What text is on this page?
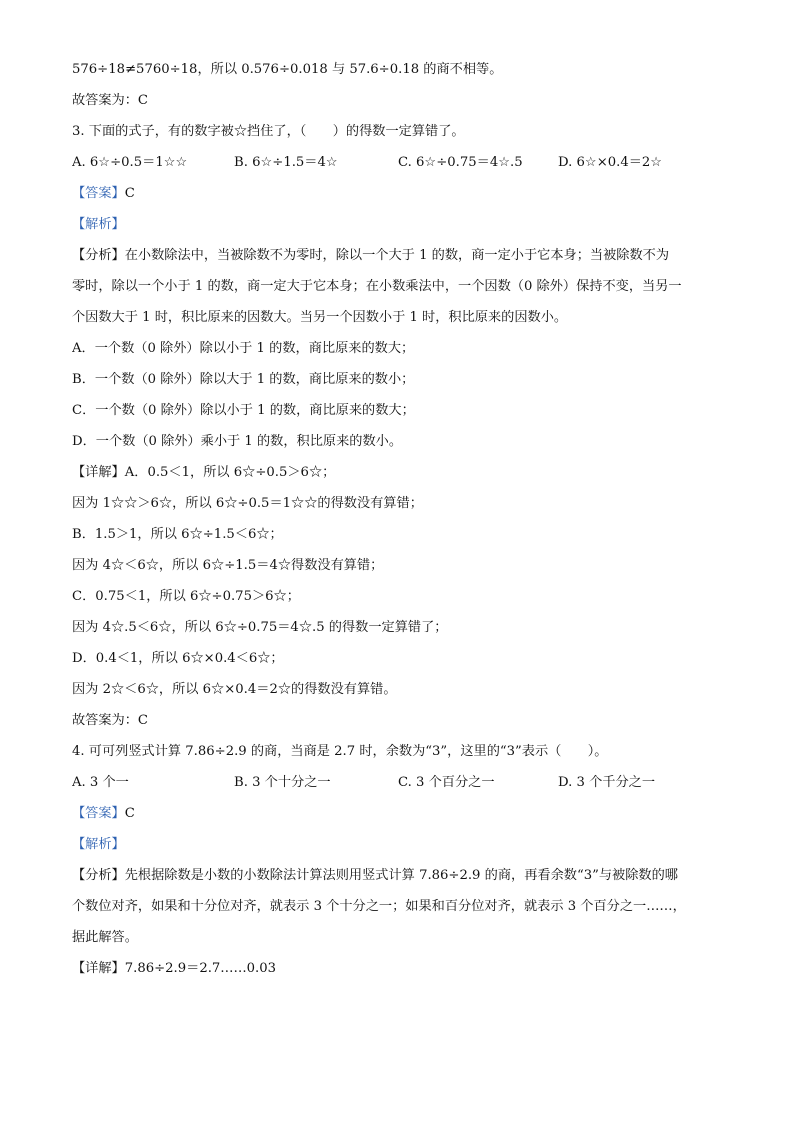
576÷18≠5760÷18，所以 0.576÷0.018 与 57.6÷0.18 的商不相等。
故答案为：C
3. 下面的式子，有的数字被☆挡住了，（　　）的得数一定算错了。
A. 6☆÷0.5＝1☆☆	B. 6☆÷1.5＝4☆	C. 6☆÷0.75＝4☆.5	D. 6☆×0.4＝2☆
【答案】C
【解析】
【分析】在小数除法中，当被除数不为零时，除以一个大于 1 的数，商一定小于它本身；当被除数不为
零时，除以一个小于 1 的数，商一定大于它本身；在小数乘法中，一个因数（0 除外）保持不变，当另一
个因数大于 1 时，积比原来的因数大。当另一个因数小于 1 时，积比原来的因数小。
A．一个数（0 除外）除以小于 1 的数，商比原来的数大；
B．一个数（0 除外）除以大于 1 的数，商比原来的数小；
C．一个数（0 除外）除以小于 1 的数，商比原来的数大；
D．一个数（0 除外）乘小于 1 的数，积比原来的数小。
【详解】A．0.5＜1，所以 6☆÷0.5＞6☆；
因为 1☆☆＞6☆，所以 6☆÷0.5＝1☆☆的得数没有算错；
B．1.5＞1，所以 6☆÷1.5＜6☆；
因为 4☆＜6☆，所以 6☆÷1.5＝4☆得数没有算错；
C．0.75＜1，所以 6☆÷0.75＞6☆；
因为 4☆.5＜6☆，所以 6☆÷0.75＝4☆.5 的得数一定算错了；
D．0.4＜1，所以 6☆×0.4＜6☆；
因为 2☆＜6☆，所以 6☆×0.4＝2☆的得数没有算错。
故答案为：C
4. 可可列竖式计算 7.86÷2.9 的商，当商是 2.7 时，余数为“3”，这里的“3”表示（　　）。
A. 3 个一	B. 3 个十分之一	C. 3 个百分之一	D. 3 个千分之一
【答案】C
【解析】
【分析】先根据除数是小数的小数除法计算法则用竖式计算 7.86÷2.9 的商，再看余数“3”与被除数的哪
个数位对齐，如果和十分位对齐，就表示 3 个十分之一；如果和百分位对齐，就表示 3 个百分之一……，
据此解答。
【详解】7.86÷2.9＝2.7……0.03
